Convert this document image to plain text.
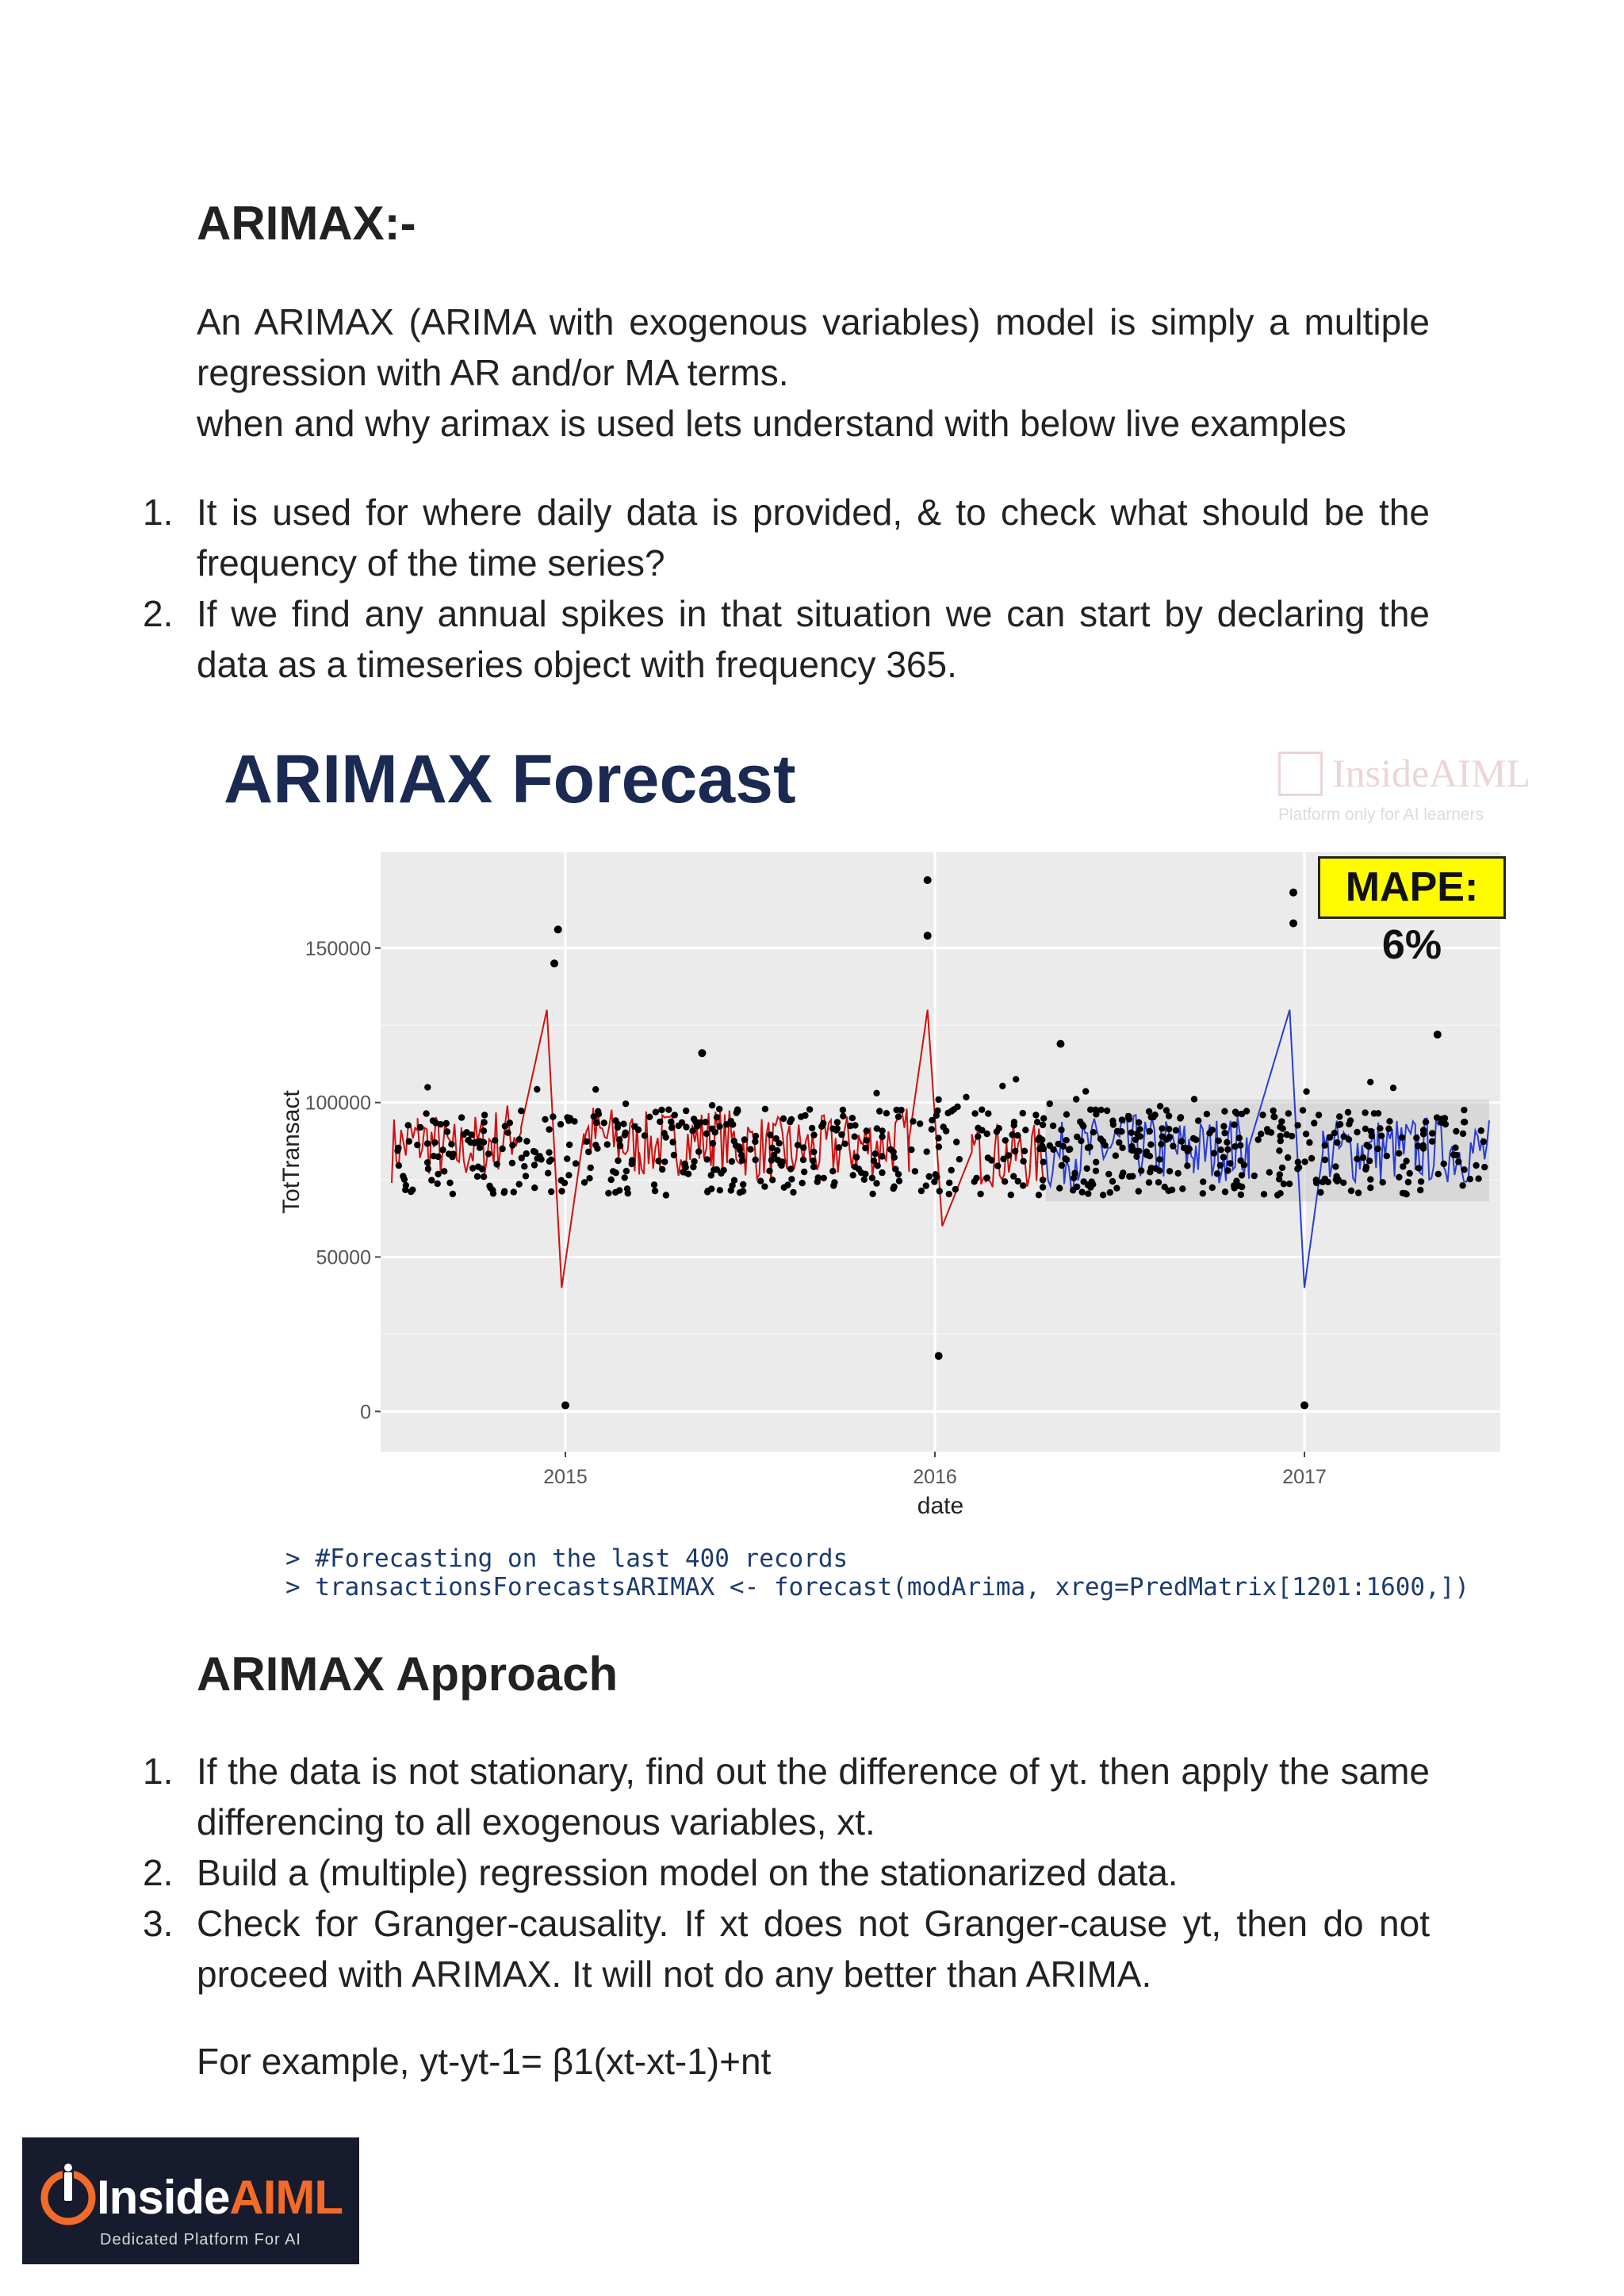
ARIMAX:-

An ARIMAX (ARIMA with exogenous variables) model is simply a multiple regression with AR and/or MA terms.

when and why arimax is used lets understand with below live examples

1. It is used for where daily data is provided, & to check what should be the frequency of the time series?
2. If we find any annual spikes in that situation we can start by declaring the data as a timeseries object with frequency 365.
ARIMAX Forecast	InsideAIML
Platform only for AI learners
0
50000
100000
150000
2015	2016	2017
date
TotTransact
MAPE: 6%
> #Forecasting on the last 400 records
> transactionsForecastsARIMAX <- forecast(modArima, xreg=PredMatrix[1201:1600,])
ARIMAX Approach
1. If the data is not stationary, find out the difference of yt. then apply the same differencing to all exogenous variables, xt.
2. Build a (multiple) regression model on the stationarized data.
3. Check for Granger-causality. If xt does not Granger-cause yt, then do not proceed with ARIMAX. It will not do any better than ARIMA.

For example, yt-yt-1= β1(xt-xt-1)+nt

InsideAIML
Dedicated Platform For AI
